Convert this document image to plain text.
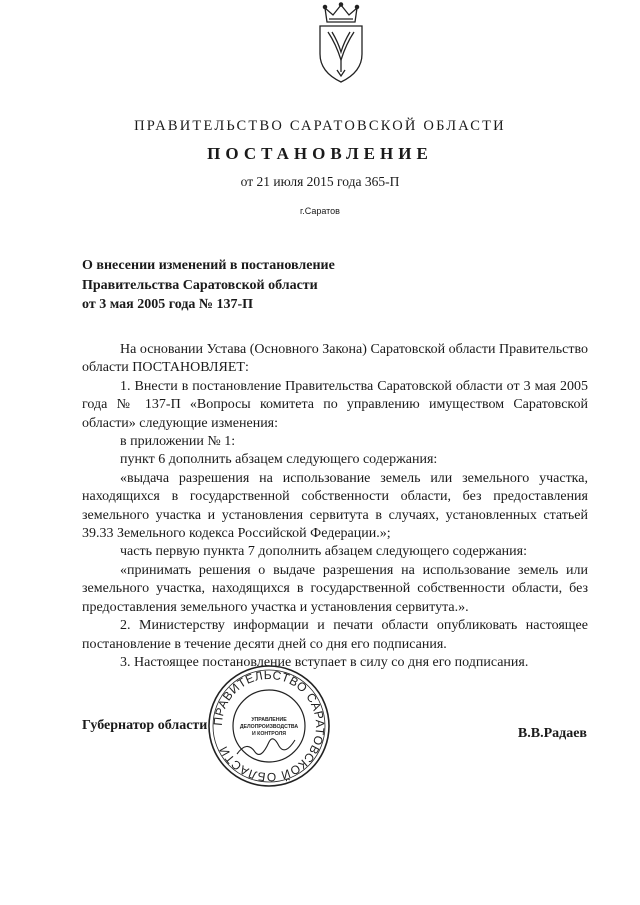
ПРАВИТЕЛЬСТВО САРАТОВСКОЙ ОБЛАСТИ
ПОСТАНОВЛЕНИЕ
от 21 июля 2015 года 365-П
г.Саратов
О внесении изменений в постановление
Правительства Саратовской области
от 3 мая 2005 года № 137-П

На основании Устава (Основного Закона) Саратовской области Правительство области ПОСТАНОВЛЯЕТ:

1. Внести в постановление Правительства Саратовской области от 3 мая 2005 года № 137-П «Вопросы комитета по управлению имуществом Саратовской области» следующие изменения:

в приложении № 1:

пункт 6 дополнить абзацем следующего содержания:

«выдача разрешения на использование земель или земельного участка, находящихся в государственной собственности области, без предоставления земельного участка и установления сервитута в случаях, установленных статьей 39.33 Земельного кодекса Российской Федерации.»;

часть первую пункта 7 дополнить абзацем следующего содержания:

«принимать решения о выдаче разрешения на использование земель или земельного участка, находящихся в государственной собственности области, без предоставления земельного участка и установления сервитута.».

2. Министерству информации и печати области опубликовать настоящее постановление в течение десяти дней со дня его подписания.

3. Настоящее постановление вступает в силу со дня его подписания.

Губернатор области
В.В.Радаев
ПРАВИТЕЛЬСТВО САРАТОВСКОЙ ОБЛАСТИ
УПРАВЛЕНИЕ
ДЕЛОПРОИЗВОДСТВА
И КОНТРОЛЯ
